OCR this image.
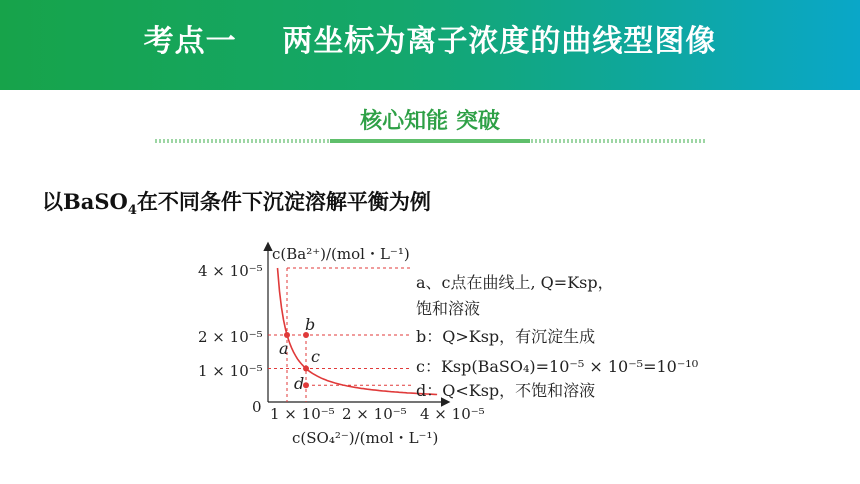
考点一    两坐标为离子浓度的曲线型图像
核心知能 突破
以BaSO$_4$在不同条件下沉淀溶解平衡为例
c(Ba²⁺)/(mol・L⁻¹)
c(SO₄²⁻)/(mol・L⁻¹)
0
4 × 10⁻⁵
2 × 10⁻⁵
1 × 10⁻⁵
1 × 10⁻⁵ 2 × 10⁻⁵ 4 × 10⁻⁵
a
b
c
d
a、c点在曲线上, Q=Ksp，
饱和溶液
b：Q>Ksp，有沉淀生成
c：Ksp(BaSO₄)=10⁻⁵ × 10⁻⁵=10⁻¹⁰
d：Q<Ksp，不饱和溶液
